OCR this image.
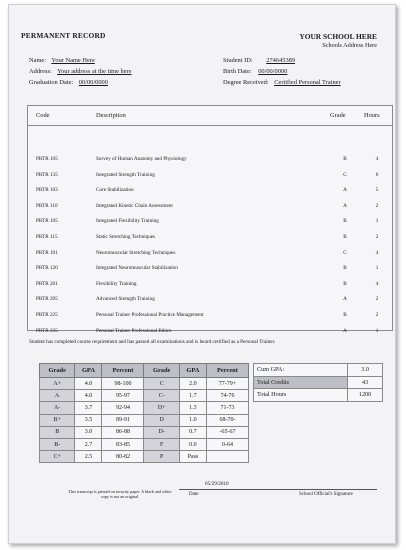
PERMANENT RECORD	YOUR SCHOOL HERE
Schools Address Here
Name: Your Name Here
Address: Your address at the time here
Graduation Date: 00/00/0000
Student ID: 274645389
Birth Date: 00/00/0000
Degree Received: Certified Personal Trainer
Code	Description	Grade	Hours
PRTR 105	Survey of Human Anatomy and Physiology	B	4
PRTR 135	Integrated Strength Training	C	6
PRTR 103	Core Stabilization	A	5
PRTR 110	Integrated Kinetic Chain Assessment	A	2
PRTR 105	Integrated Flexibility Training	B	1
PRTR 115	Static Stretching Techniques	B	2
PRTR 101	Neuromuscular Stretching Techniques	C	4
PRTR 120	Integrated Neuromuscular Stabilization	B	1
PRTR 201	Flexibility Training	B	4
PRTR 205	Advanced Strength Training	A	2
PRTR 225	Personal Trainer Professional Practice Management	B	2
PRTR 235	Personal Trainer Professional Ethics	A	1
Student has completed course requirement and has passed all examinations and is heard certified as a Personal Trainer.
Grade	GPA	Percent	Grade	GPA	Percent
A+	4.0	98-100	C	2.0	77-79+
A	4.0	95-97	C-	1.7	74-76
A-	3.7	92-94	D+	1.3	71-73
B+	3.5	89-91	D	1.0	68-70-
B	3.0	86-88	D-	0.7	-65-67
B-	2.7	83-85	F	0.0	0-64
C+	2.5	80-82	P	Pass	
Cum GPA:	3.0
Total Credits	43
Total Hours	1200
This transcript is printed on security paper. A black and white copy is not an original.
05/29/2010
Date	School Official's Signature
